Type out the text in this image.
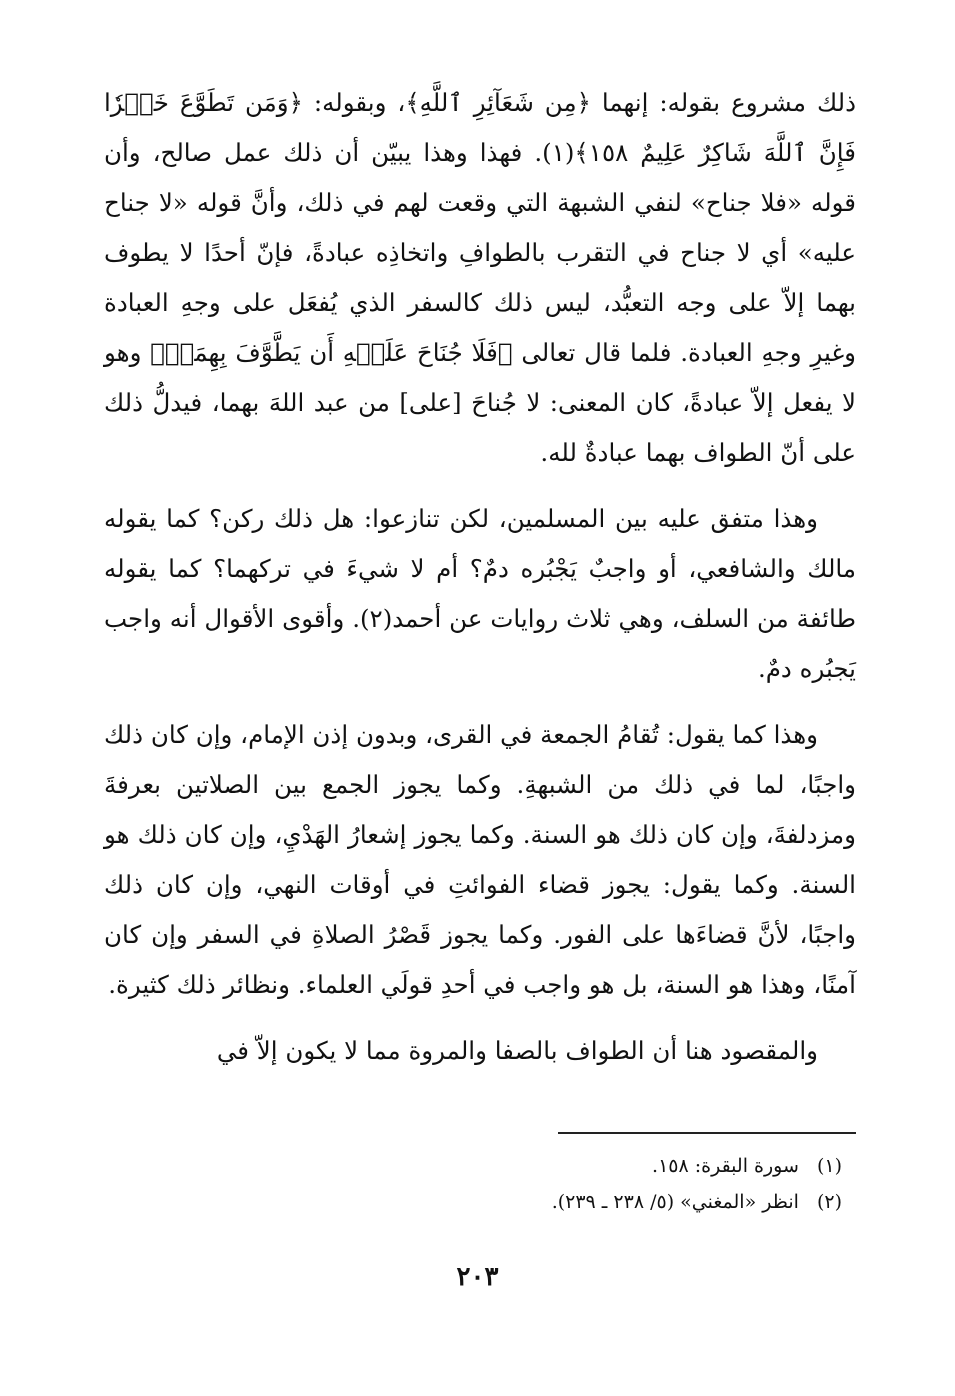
ذلك مشروع بقوله: إنهما ﴿مِن شَعَآئِرِ ٱللَّهِ﴾، وبقوله: ﴿وَمَن تَطَوَّعَ خَيۡرٗا فَإِنَّ ٱللَّهَ شَاكِرٌ عَلِيمٌ ١٥٨﴾(١). فهذا وهذا يبيّن أن ذلك عمل صالح، وأن قوله «فلا جناح» لنفي الشبهة التي وقعت لهم في ذلك، وأنَّ قوله «لا جناح عليه» أي لا جناح في التقرب بالطوافِ واتخاذِه عبادةً، فإنّ أحدًا لا يطوف بهما إلاّ على وجه التعبُّد، ليس ذلك كالسفر الذي يُفعَل على وجهِ العبادة وغيرِ وجهِ العبادة. فلما قال تعالى ﴿فَلَا جُنَاحَ عَلَيۡهِ أَن يَطَّوَّفَ بِهِمَاۚ﴾ وهو لا يفعل إلاّ عبادةً، كان المعنى: لا جُناحَ [على] من عبد اللهَ بهما، فيدلُّ ذلك على أنّ الطواف بهما عبادةٌ لله.

وهذا متفق عليه بين المسلمين، لكن تنازعوا: هل ذلك ركن؟ كما يقوله مالك والشافعي، أو واجبٌ يَجْبُره دمٌ؟ أم لا شيءَ في تركهما؟ كما يقوله طائفة من السلف، وهي ثلاث روايات عن أحمد(٢). وأقوى الأقوال أنه واجب يَجبُره دمٌ.

وهذا كما يقول: تُقامُ الجمعة في القرى، وبدون إذن الإمام، وإن كان ذلك واجبًا، لما في ذلك من الشبهةِ. وكما يجوز الجمع بين الصلاتين بعرفةَ ومزدلفةَ، وإن كان ذلك هو السنة. وكما يجوز إشعارُ الهَدْيِ، وإن كان ذلك هو السنة. وكما يقول: يجوز قضاء الفوائتِ في أوقات النهي، وإن كان ذلك واجبًا، لأنَّ قضاءَها على الفور. وكما يجوز قَصْرُ الصلاةِ في السفر وإن كان آمنًا، وهذا هو السنة، بل هو واجب في أحدِ قولَي العلماء. ونظائر ذلك كثيرة.

والمقصود هنا أن الطواف بالصفا والمروة مما لا يكون إلاّ في

(١) سورة البقرة: ١٥٨.

(٢) انظر «المغني» (٥/ ٢٣٨ ـ ٢٣٩).

٢٠٣
